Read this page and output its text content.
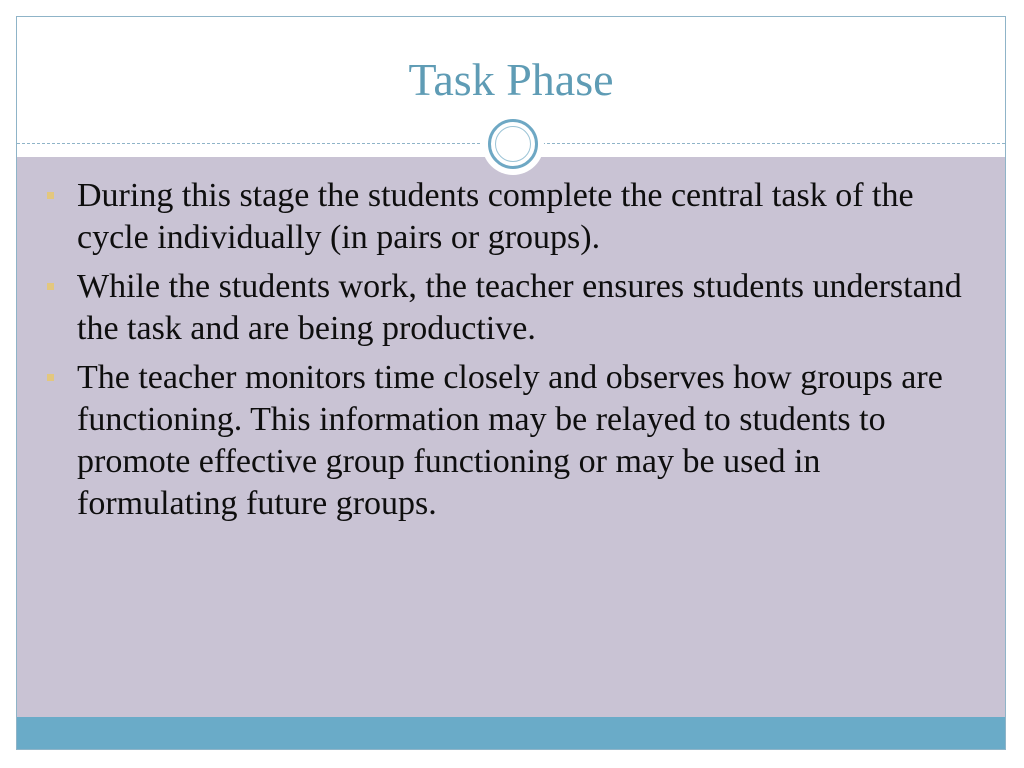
Task Phase
During this stage the students complete the central task of the cycle individually (in pairs or groups).
While the students work, the teacher ensures students understand the task and are being productive.
The teacher monitors time closely and observes how groups are functioning. This information may be relayed to students to promote effective group functioning or may be used in formulating future groups.
